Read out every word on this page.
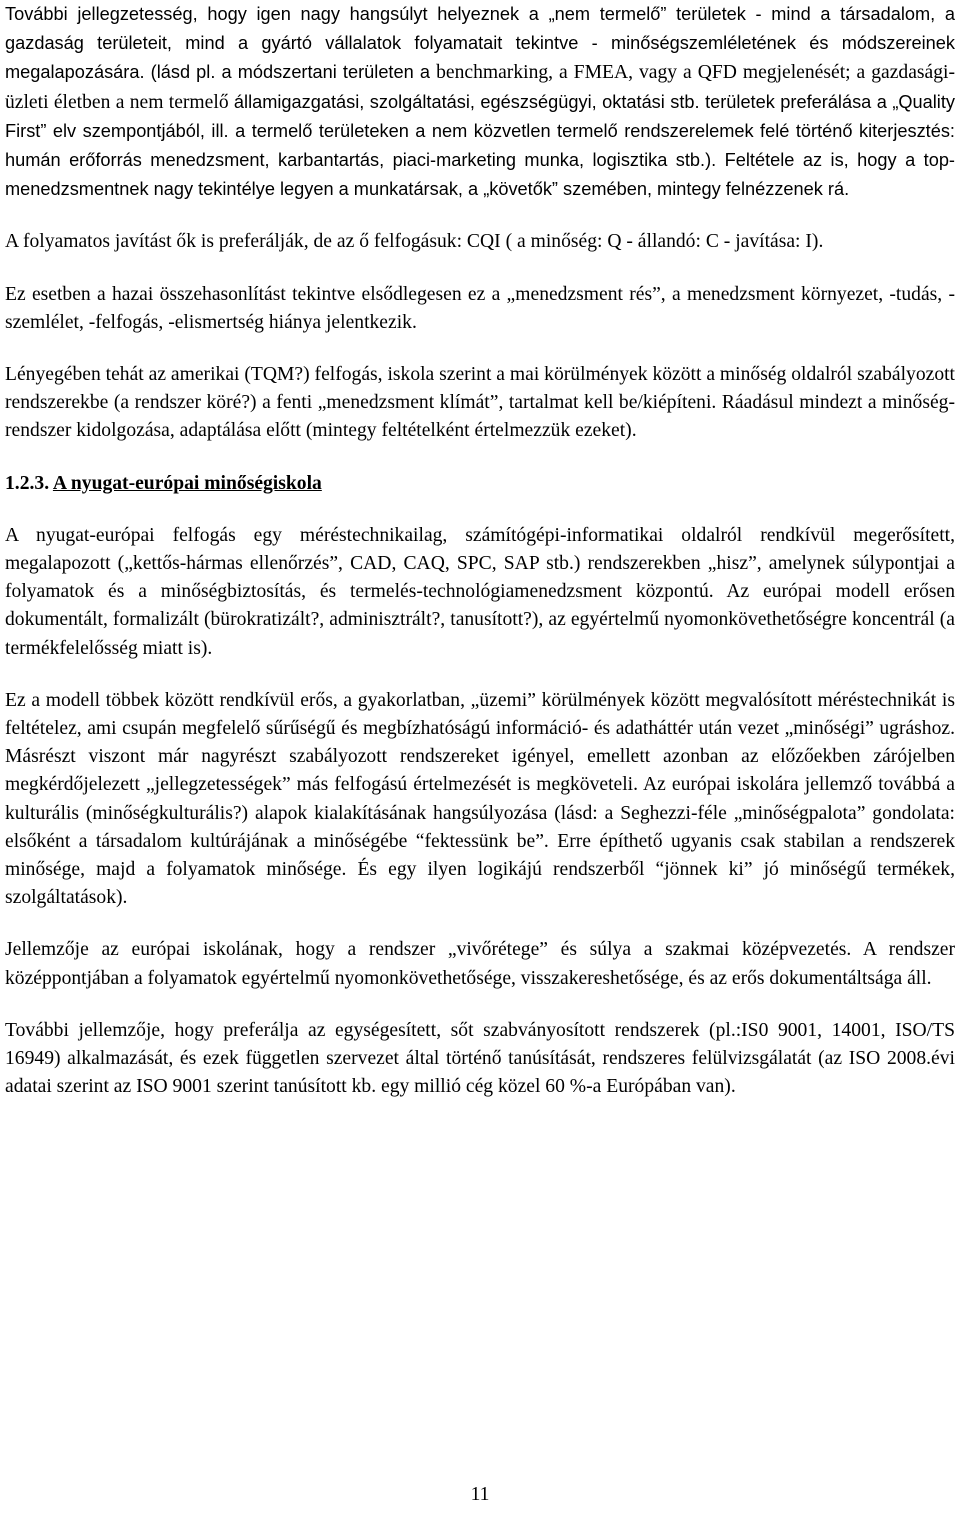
További jellegzetesség, hogy igen nagy hangsúlyt helyeznek a „nem termelő” területek - mind a társadalom, a gazdaság területeit, mind a gyártó vállalatok folyamatait tekintve - minőségszemléletének és módszereinek megalapozására. (lásd pl. a módszertani területen a benchmarking, a FMEA, vagy a QFD megjelenését; a gazdasági-üzleti életben a nem termelő államigazgatási, szolgáltatási, egészségügyi, oktatási stb. területek preferálása a „Quality First” elv szempontjából, ill. a termelő területeken a nem közvetlen termelő rendszerelemek felé történő kiterjesztés: humán erőforrás menedzsment, karbantartás, piaci-marketing munka, logisztika stb.). Feltétele az is, hogy a top-menedzsmentnek nagy tekintélye legyen a munkatársak, a „követők” szemében, mintegy felnézzenek rá.

A folyamatos javítást ők is preferálják, de az ő felfogásuk: CQI ( a minőség: Q - állandó: C - javítása: I).

Ez esetben a hazai összehasonlítást tekintve elsődlegesen ez a „menedzsment rés”, a menedzsment környezet, -tudás, -szemlélet, -felfogás, -elismertség hiánya jelentkezik.

Lényegében tehát az amerikai (TQM?) felfogás, iskola szerint a mai körülmények között a minőség oldalról szabályozott rendszerekbe (a rendszer köré?) a fenti „menedzsment klímát”, tartalmat kell be/kiépíteni. Ráadásul mindezt a minőség-rendszer kidolgozása, adaptálása előtt (mintegy feltételként értelmezzük ezeket).

1.2.3. A nyugat-európai minőségiskola

A nyugat-európai felfogás egy méréstechnikailag, számítógépi-informatikai oldalról rendkívül megerősített, megalapozott („kettős-hármas ellenőrzés”, CAD, CAQ, SPC, SAP stb.) rendszerekben „hisz”, amelynek súlypontjai a folyamatok és a minőségbiztosítás, és termelés-technológiamenedzsment központú. Az európai modell erősen dokumentált, formalizált (bürokratizált?, adminisztrált?, tanusított?), az egyértelmű nyomonkövethetőségre koncentrál (a termékfelelősség miatt is).

Ez a modell többek között rendkívül erős, a gyakorlatban, „üzemi” körülmények között megvalósított méréstechnikát is feltételez, ami csupán megfelelő sűrűségű és megbízhatóságú információ- és adatháttér után vezet „minőségi” ugráshoz. Másrészt viszont már nagyrészt szabályozott rendszereket igényel, emellett azonban az előzőekben zárójelben megkérdőjelezett „jellegzetességek” más felfogású értelmezését is megköveteli. Az európai iskolára jellemző továbbá a kulturális (minőségkulturális?) alapok kialakításának hangsúlyozása (lásd: a Seghezzi-féle „minőségpalota” gondolata: elsőként a társadalom kultúrájának a minőségébe “fektessünk be”. Erre építhető ugyanis csak stabilan a rendszerek minősége, majd a folyamatok minősége. És egy ilyen logikájú rendszerből “jönnek ki” jó minőségű termékek, szolgáltatások).

Jellemzője az európai iskolának, hogy a rendszer „vivőrétege” és súlya a szakmai középvezetés. A rendszer középpontjában a folyamatok egyértelmű nyomonkövethetősége, visszakereshetősége, és az erős dokumentáltsága áll.

További jellemzője, hogy preferálja az egységesített, sőt szabványosított rendszerek (pl.:IS0 9001, 14001, ISO/TS 16949) alkalmazását, és ezek független szervezet által történő tanúsítását, rendszeres felülvizsgálatát (az ISO 2008.évi adatai szerint az ISO 9001 szerint tanúsított kb. egy millió cég közel 60 %-a Európában van).

11
